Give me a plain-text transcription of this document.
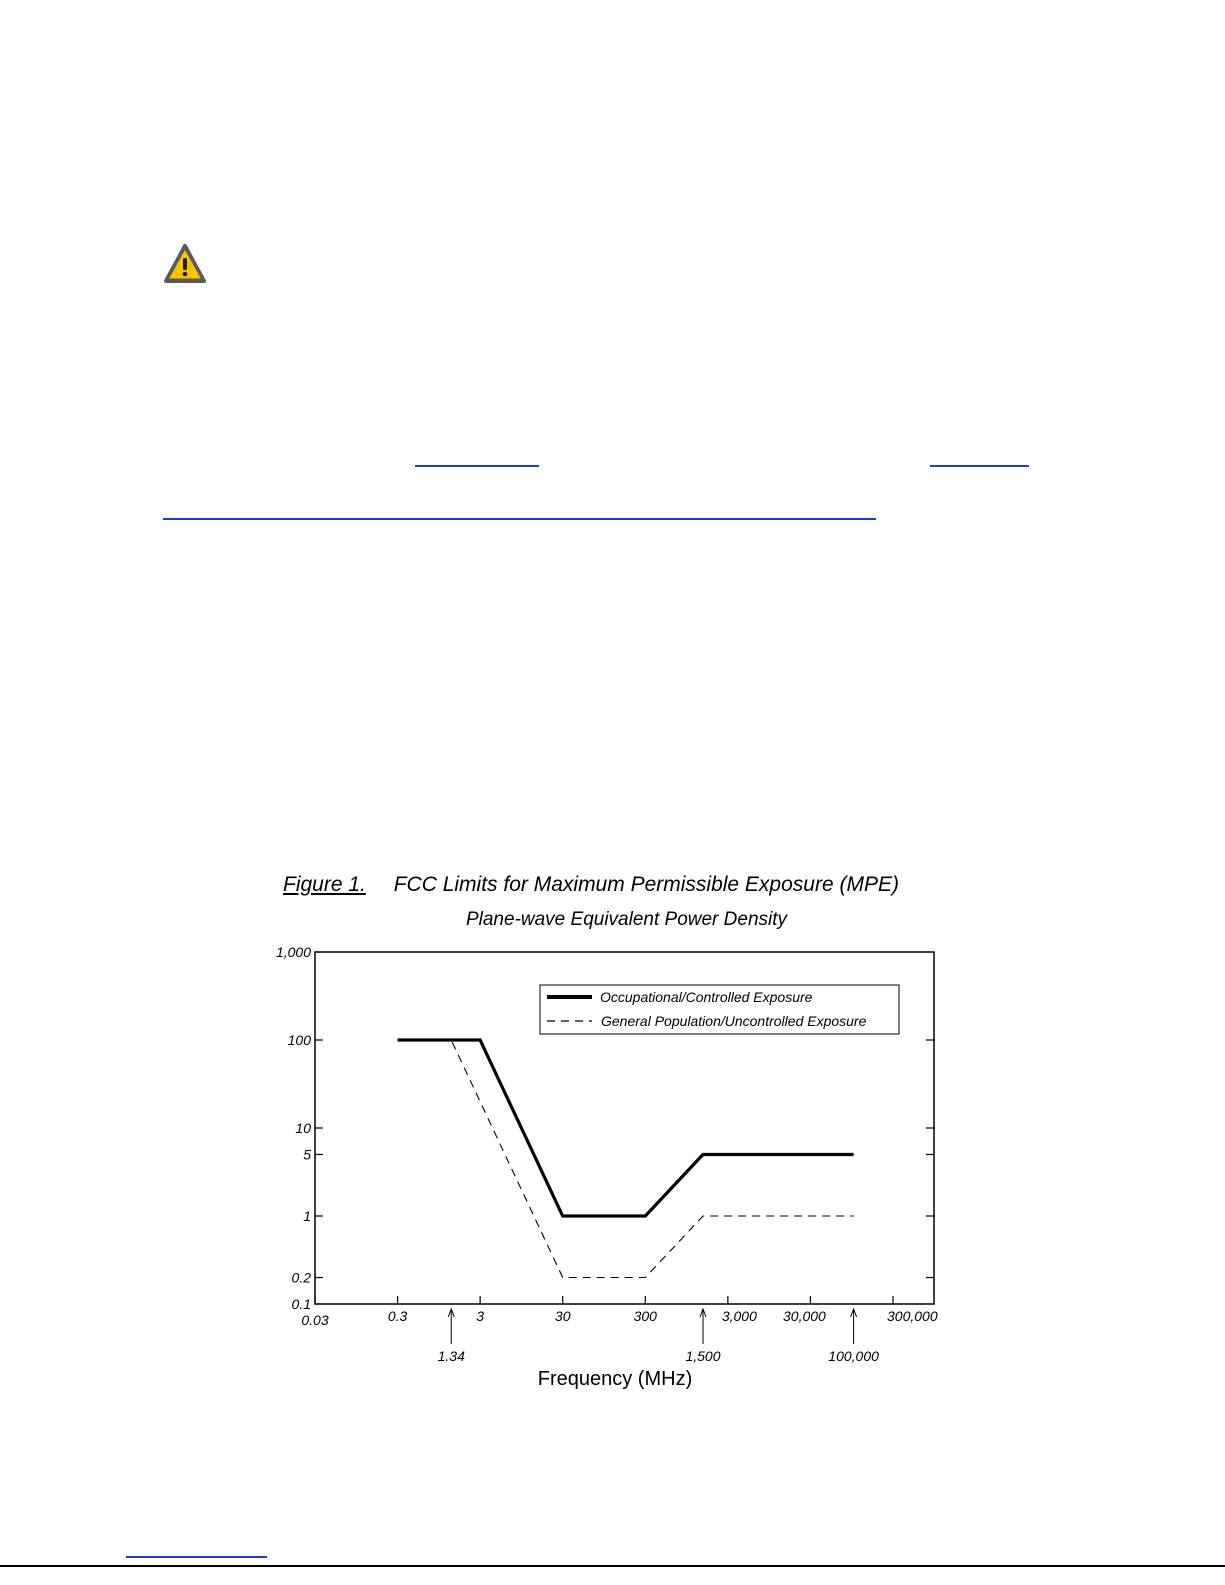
Figure 1. FCC Limits for Maximum Permissible Exposure (MPE)
Plane-wave Equivalent Power Density
1,000
100
10
5
1
0.2
0.1
0.03	0.3	3	30	300	3,000 30,000	300,000
1.34	1,500	100,000
Occupational/Controlled Exposure
General Population/Uncontrolled Exposure
Frequency (MHz)
